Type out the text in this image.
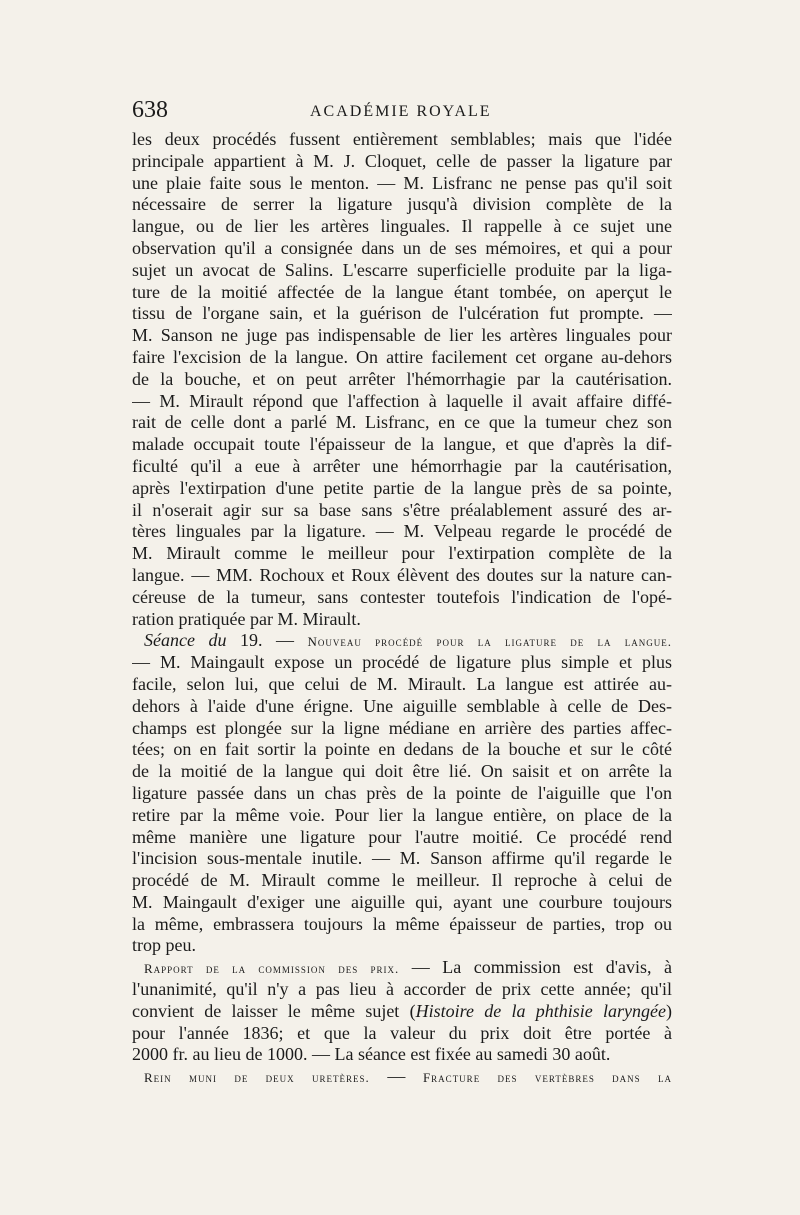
638	ACADÉMIE ROYALE
les deux procédés fussent entièrement semblables; mais que l'idée
principale appartient à M. J. Cloquet, celle de passer la ligature par
une plaie faite sous le menton. — M. Lisfranc ne pense pas qu'il soit
nécessaire de serrer la ligature jusqu'à division complète de la
langue, ou de lier les artères linguales. Il rappelle à ce sujet une
observation qu'il a consignée dans un de ses mémoires, et qui a pour
sujet un avocat de Salins. L'escarre superficielle produite par la liga-
ture de la moitié affectée de la langue étant tombée, on aperçut le
tissu de l'organe sain, et la guérison de l'ulcération fut prompte. —
M. Sanson ne juge pas indispensable de lier les artères linguales pour
faire l'excision de la langue. On attire facilement cet organe au-dehors
de la bouche, et on peut arrêter l'hémorrhagie par la cautérisation.
— M. Mirault répond que l'affection à laquelle il avait affaire diffé-
rait de celle dont a parlé M. Lisfranc, en ce que la tumeur chez son
malade occupait toute l'épaisseur de la langue, et que d'après la dif-
ficulté qu'il a eue à arrêter une hémorrhagie par la cautérisation,
après l'extirpation d'une petite partie de la langue près de sa pointe,
il n'oserait agir sur sa base sans s'être préalablement assuré des ar-
tères linguales par la ligature. — M. Velpeau regarde le procédé de
M. Mirault comme le meilleur pour l'extirpation complète de la
langue. — MM. Rochoux et Roux élèvent des doutes sur la nature can-
céreuse de la tumeur, sans contester toutefois l'indication de l'opé-
ration pratiquée par M. Mirault.
Séance du 19. — Nouveau procédé pour la ligature de la langue.
— M. Maingault expose un procédé de ligature plus simple et plus
facile, selon lui, que celui de M. Mirault. La langue est attirée au-
dehors à l'aide d'une érigne. Une aiguille semblable à celle de Des-
champs est plongée sur la ligne médiane en arrière des parties affec-
tées; on en fait sortir la pointe en dedans de la bouche et sur le côté
de la moitié de la langue qui doit être lié. On saisit et on arrête la
ligature passée dans un chas près de la pointe de l'aiguille que l'on
retire par la même voie. Pour lier la langue entière, on place de la
même manière une ligature pour l'autre moitié. Ce procédé rend
l'incision sous-mentale inutile. — M. Sanson affirme qu'il regarde le
procédé de M. Mirault comme le meilleur. Il reproche à celui de
M. Maingault d'exiger une aiguille qui, ayant une courbure toujours
la même, embrassera toujours la même épaisseur de parties, trop ou
trop peu.
Rapport de la commission des prix. — La commission est d'avis, à
l'unanimité, qu'il n'y a pas lieu à accorder de prix cette année; qu'il
convient de laisser le même sujet (Histoire de la phthisie laryngée)
pour l'année 1836; et que la valeur du prix doit être portée à
2000 fr. au lieu de 1000. — La séance est fixée au samedi 30 août.
Rein muni de deux uretères. — Fracture des vertèbres dans la
